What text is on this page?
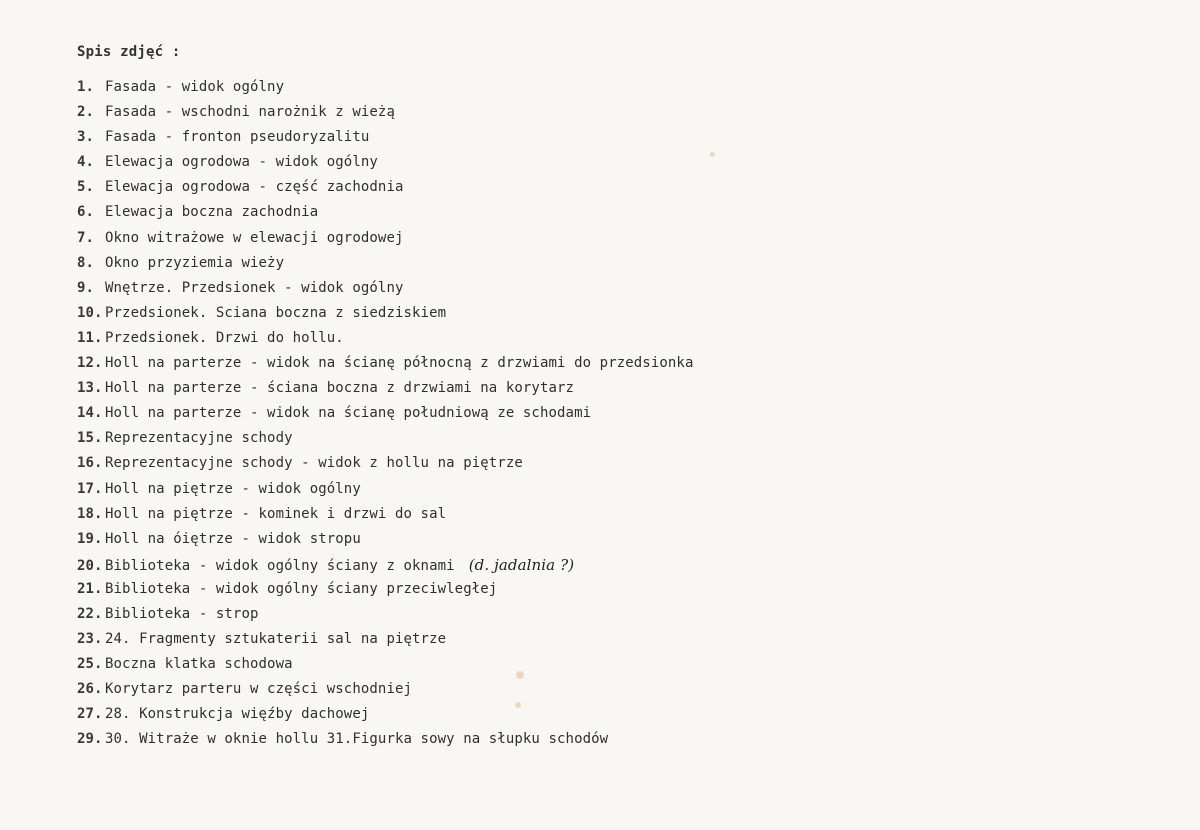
Spis zdjęć :
1. Fasada - widok ogólny
2. Fasada - wschodni narożnik z wieżą
3. Fasada - fronton pseudoryzalitu
4. Elewacja ogrodowa - widok ogólny
5. Elewacja ogrodowa - część zachodnia
6. Elewacja boczna zachodnia
7. Okno witrażowe w elewacji ogrodowej
8. Okno przyziemia wieży
9. Wnętrze. Przedsionek - widok ogólny
10. Przedsionek. Sciana boczna z siedziskiem
11. Przedsionek. Drzwi do hollu.
12. Holl na parterze - widok na ścianę północną z drzwiami do przedsionka
13. Holl na parterze - ściana boczna z drzwiami na korytarz
14. Holl na parterze - widok na ścianę południową ze schodami
15. Reprezentacyjne schody
16. Reprezentacyjne schody - widok z hollu na piętrze
17. Holl na piętrze - widok ogólny
18. Holl na piętrze - kominek i drzwi do sal
19. Holl na óiętrze - widok stropu
20. Biblioteka - widok ogólny ściany z oknami (d. jadalnia ?)
21. Biblioteka - widok ogólny ściany przeciwległej
22. Biblioteka - strop
23. 24. Fragmenty sztukaterii sal na piętrze
25. Boczna klatka schodowa
26. Korytarz parteru w części wschodniej
27. 28. Konstrukcja więźby dachowej
29. 30. Witraże w oknie hollu 31.Figurka sowy na słupku schodów
